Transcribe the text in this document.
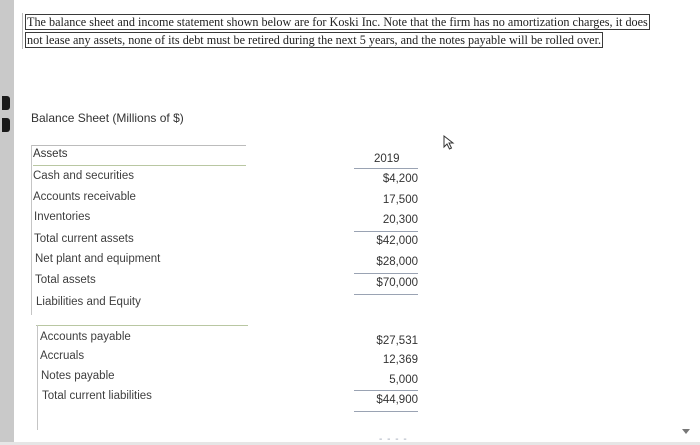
The balance sheet and income statement shown below are for Koski Inc. Note that the firm has no amortization charges, it does
not lease any assets, none of its debt must be retired during the next 5 years, and the notes payable will be rolled over.
Balance Sheet (Millions of $)
Assets
Cash and securities
Accounts receivable
Inventories
Total current assets
Net plant and equipment
Total assets
Liabilities and Equity
Accounts payable
Accruals
Notes payable
Total current liabilities
2019
$4,200
17,500
20,300
$42,000
$28,000
$70,000
$27,531
12,369
5,000
$44,900
- - - -
